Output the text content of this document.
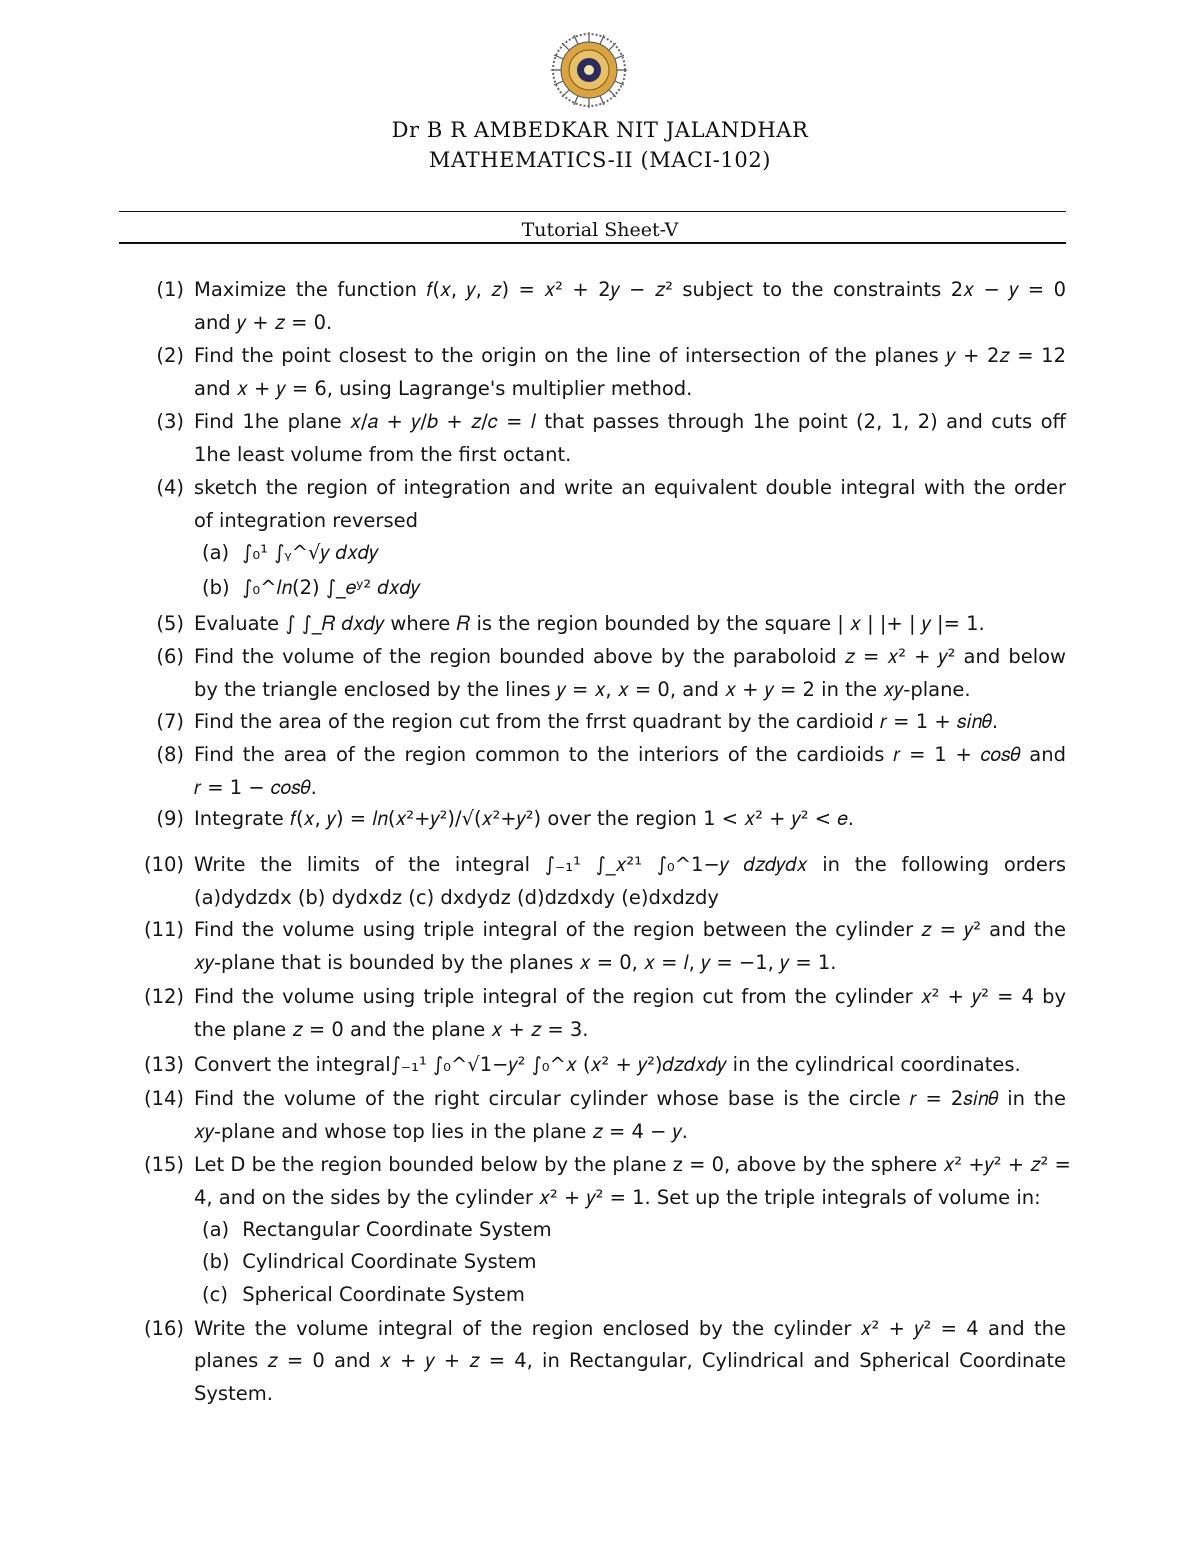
Dr B R AMBEDKAR NIT JALANDHAR
MATHEMATICS-II (MACI-102)
Tutorial Sheet-V
(1) Maximize the function 𝑓(𝑥, 𝑦, 𝑧) = 𝑥² + 2𝑦 − 𝑧² subject to the constraints 2𝑥 − 𝑦 = 0
and 𝑦 + 𝑧 = 0.
(2) Find the point closest to the origin on the line of intersection of the planes 𝑦 + 2𝑧 = 12
and 𝑥 + 𝑦 = 6, using Lagrange's multiplier method.
(3) Find 1he plane 𝑥/𝑎 + 𝑦/𝑏 + 𝑧/𝑐 = 𝑙 that passes through 1he point (2, 1, 2) and cuts off
1he least volume from the first octant.
(4) sketch the region of integration and write an equivalent double integral with the order
of integration reversed
(a) ∫₀¹ ∫ᵧ^√𝑦 𝑑𝑥𝑑𝑦
(b) ∫₀^𝑙𝑛(2) ∫_𝑒ʸ² 𝑑𝑥𝑑𝑦
(5) Evaluate ∫ ∫_𝑅 𝑑𝑥𝑑𝑦 where 𝑅 is the region bounded by the square | 𝑥 | |+ | 𝑦 |= 1.
(6) Find the volume of the region bounded above by the paraboloid 𝑧 = 𝑥² + 𝑦² and below
by the triangle enclosed by the lines 𝑦 = 𝑥, 𝑥 = 0, and 𝑥 + 𝑦 = 2 in the 𝑥𝑦-plane.
(7) Find the area of the region cut from the frrst quadrant by the cardioid 𝑟 = 1 + 𝑠𝑖𝑛𝜃.
(8) Find the area of the region common to the interiors of the cardioids 𝑟 = 1 + 𝑐𝑜𝑠𝜃 and
𝑟 = 1 − 𝑐𝑜𝑠𝜃.
(9) Integrate 𝑓(𝑥, 𝑦) = 𝑙𝑛(𝑥²+𝑦²)/√(𝑥²+𝑦²) over the region 1 < 𝑥² + 𝑦² < 𝑒.
(10) Write the limits of the integral ∫₋₁¹ ∫_𝑥²¹ ∫₀^1−𝑦 𝑑𝑧𝑑𝑦𝑑𝑥 in the following orders
(a)dydzdx (b) dydxdz (c) dxdydz (d)dzdxdy (e)dxdzdy
(11) Find the volume using triple integral of the region between the cylinder 𝑧 = 𝑦² and the
𝑥𝑦-plane that is bounded by the planes 𝑥 = 0, 𝑥 = 𝑙, 𝑦 = −1, 𝑦 = 1.
(12) Find the volume using triple integral of the region cut from the cylinder 𝑥² + 𝑦² = 4 by
the plane 𝑧 = 0 and the plane 𝑥 + 𝑧 = 3.
(13) Convert the integral∫₋₁¹ ∫₀^√1−𝑦² ∫₀^𝑥 (𝑥² + 𝑦²)𝑑𝑧𝑑𝑥𝑑𝑦 in the cylindrical coordinates.
(14) Find the volume of the right circular cylinder whose base is the circle 𝑟 = 2𝑠𝑖𝑛𝜃 in the
𝑥𝑦-plane and whose top lies in the plane 𝑧 = 4 − 𝑦.
(15) Let D be the region bounded below by the plane z = 0, above by the sphere 𝑥² +𝑦² + 𝑧² =
4, and on the sides by the cylinder 𝑥² + 𝑦² = 1. Set up the triple integrals of volume in:
(a) Rectangular Coordinate System
(b) Cylindrical Coordinate System
(c) Spherical Coordinate System
(16) Write the volume integral of the region enclosed by the cylinder 𝑥² + 𝑦² = 4 and the
planes 𝑧 = 0 and 𝑥 + 𝑦 + 𝑧 = 4, in Rectangular, Cylindrical and Spherical Coordinate
System.
